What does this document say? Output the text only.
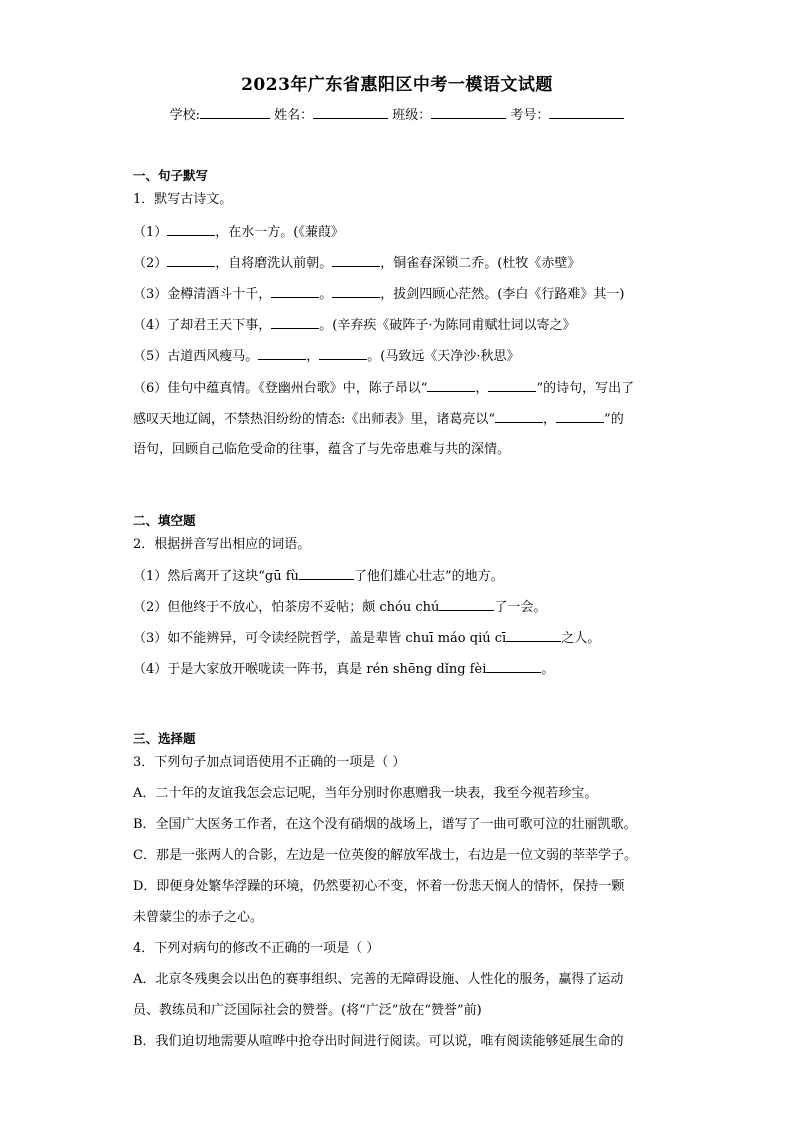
2023年广东省惠阳区中考一模语文试题
学校:	姓名：	班级：	考号：
一、句子默写
1．默写古诗文。
（1）	，在水一方。(《蒹葭》
（2）	，自将磨洗认前朝。	，铜雀春深锁二乔。(杜牧《赤壁》
（3）金樽清酒斗十千，	。	，拔剑四顾心茫然。(李白《行路难》其一)
（4）了却君王天下事，	。(辛弃疾《破阵子·为陈同甫赋壮词以寄之》
（5）古道西风瘦马。	，	。(马致远《天净沙·秋思》
（6）佳句中蕴真情。《登幽州台歌》中，陈子昂以“	，	”的诗句，写出了
感叹天地辽阔，不禁热泪纷纷的情态:《出师表》里，诸葛亮以“	，	”的
语句，回顾自己临危受命的往事，蕴含了与先帝患难与共的深情。
二、填空题
2．根据拼音写出相应的词语。
（1）然后离开了这块“gū fù	了他们雄心壮志”的地方。
（2）但他终于不放心，怕茶房不妥帖；颇 chóu chú	了一会。
（3）如不能辨异，可令读经院哲学，盖是辈皆 chuī máo qiú cī	之人。
（4）于是大家放开喉咙读一阵书，真是 rén shēng dǐng fèi	。
三、选择题
3．下列句子加点词语使用不正确的一项是（ ）
A．二十年的友谊我怎会忘记呢，当年分别时你惠赠我一块表，我至今视若珍宝。
B．全国广大医务工作者，在这个没有硝烟的战场上，谱写了一曲可歌可泣的壮丽凯歌。
C．那是一张两人的合影，左边是一位英俊的解放军战士，右边是一位文弱的莘莘学子。
D．即便身处繁华浮躁的环境，仍然要初心不变，怀着一份悲天悯人的情怀，保持一颗
未曾蒙尘的赤子之心。
4．下列对病句的修改不正确的一项是（ ）
A．北京冬残奥会以出色的赛事组织、完善的无障碍设施、人性化的服务，赢得了运动
员、教练员和广泛国际社会的赞誉。(将“广泛”放在“赞誉”前)
B．我们迫切地需要从喧哗中抢夺出时间进行阅读。可以说，唯有阅读能够延展生命的
